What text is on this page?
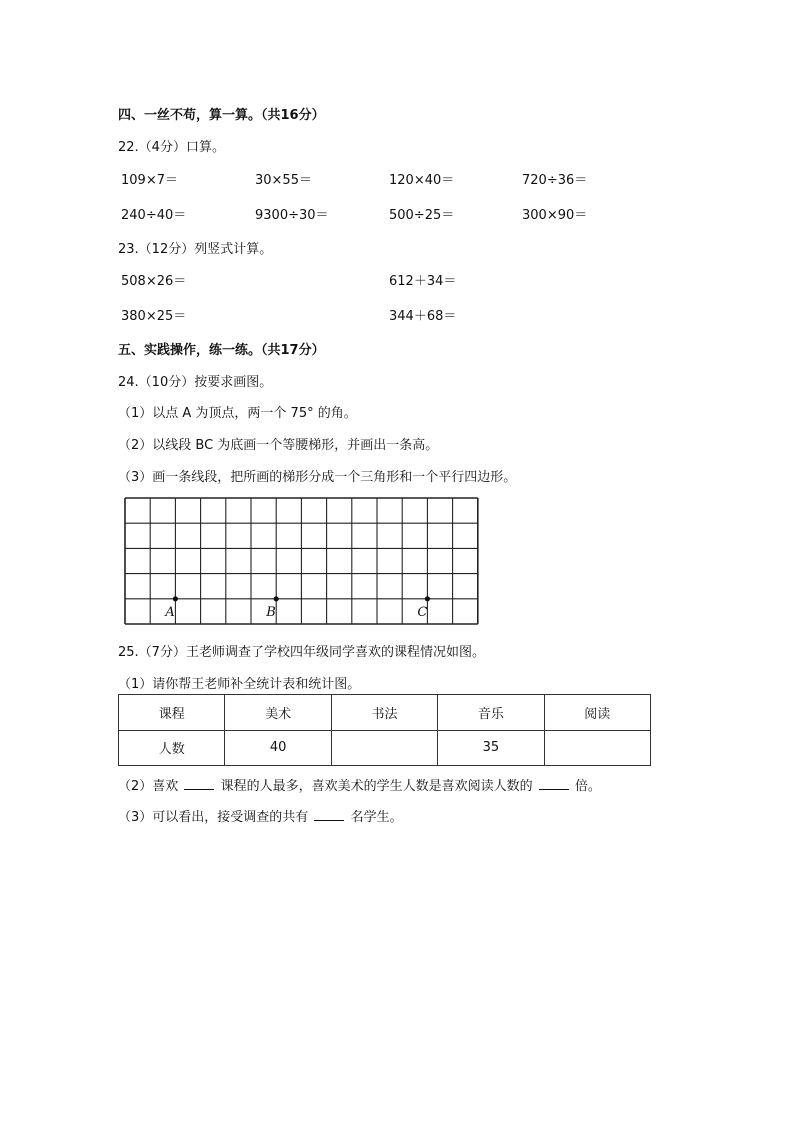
四、一丝不苟，算一算。（共16分）
22.（4分）口算。
109×7＝	30×55＝	120×40＝	720÷36＝
240÷40＝	9300÷30＝	500÷25＝	300×90＝
23.（12分）列竖式计算。
508×26＝	612＋34＝
380×25＝	344＋68＝
五、实践操作，练一练。（共17分）
24.（10分）按要求画图。
（1）以点 A 为顶点，两一个 75° 的角。
（2）以线段 BC 为底画一个等腰梯形，并画出一条高。
（3）画一条线段，把所画的梯形分成一个三角形和一个平行四边形。
A	B	C
25.（7分）王老师调查了学校四年级同学喜欢的课程情况如图。
（1）请你帮王老师补全统计表和统计图。
课程	美术	书法	音乐	阅读
人数	40		35	
（2）喜欢	课程的人最多，喜欢美术的学生人数是喜欢阅读人数的	倍。
（3）可以看出，接受调查的共有	名学生。
